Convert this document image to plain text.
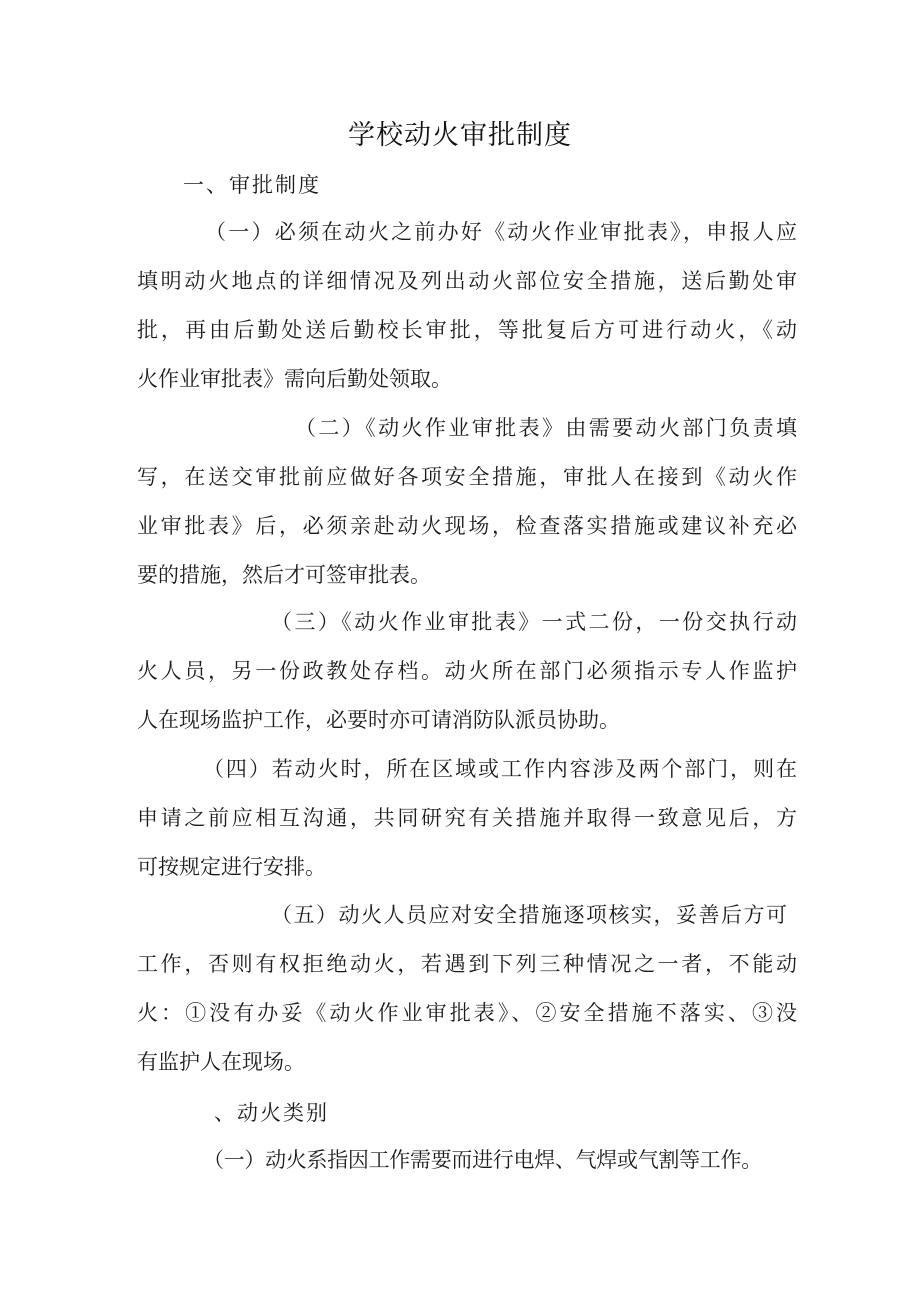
学校动火审批制度
一、审批制度
（一）必须在动火之前办好《动火作业审批表》，申报人应
填明动火地点的详细情况及列出动火部位安全措施，送后勤处审
批，再由后勤处送后勤校长审批，等批复后方可进行动火，《动
火作业审批表》需向后勤处领取。
（二）《动火作业审批表》由需要动火部门负责填
写，在送交审批前应做好各项安全措施，审批人在接到《动火作
业审批表》后，必须亲赴动火现场，检查落实措施或建议补充必
要的措施，然后才可签审批表。
（三）《动火作业审批表》一式二份，一份交执行动
火人员，另一份政教处存档。动火所在部门必须指示专人作监护
人在现场监护工作，必要时亦可请消防队派员协助。
（四）若动火时，所在区域或工作内容涉及两个部门，则在
申请之前应相互沟通，共同研究有关措施并取得一致意见后，方
可按规定进行安排。
（五）动火人员应对安全措施逐项核实，妥善后方可
工作，否则有权拒绝动火，若遇到下列三种情况之一者，不能动
火：①没有办妥《动火作业审批表》、②安全措施不落实、③没
有监护人在现场。
、动火类别
（一）动火系指因工作需要而进行电焊、气焊或气割等工作。
